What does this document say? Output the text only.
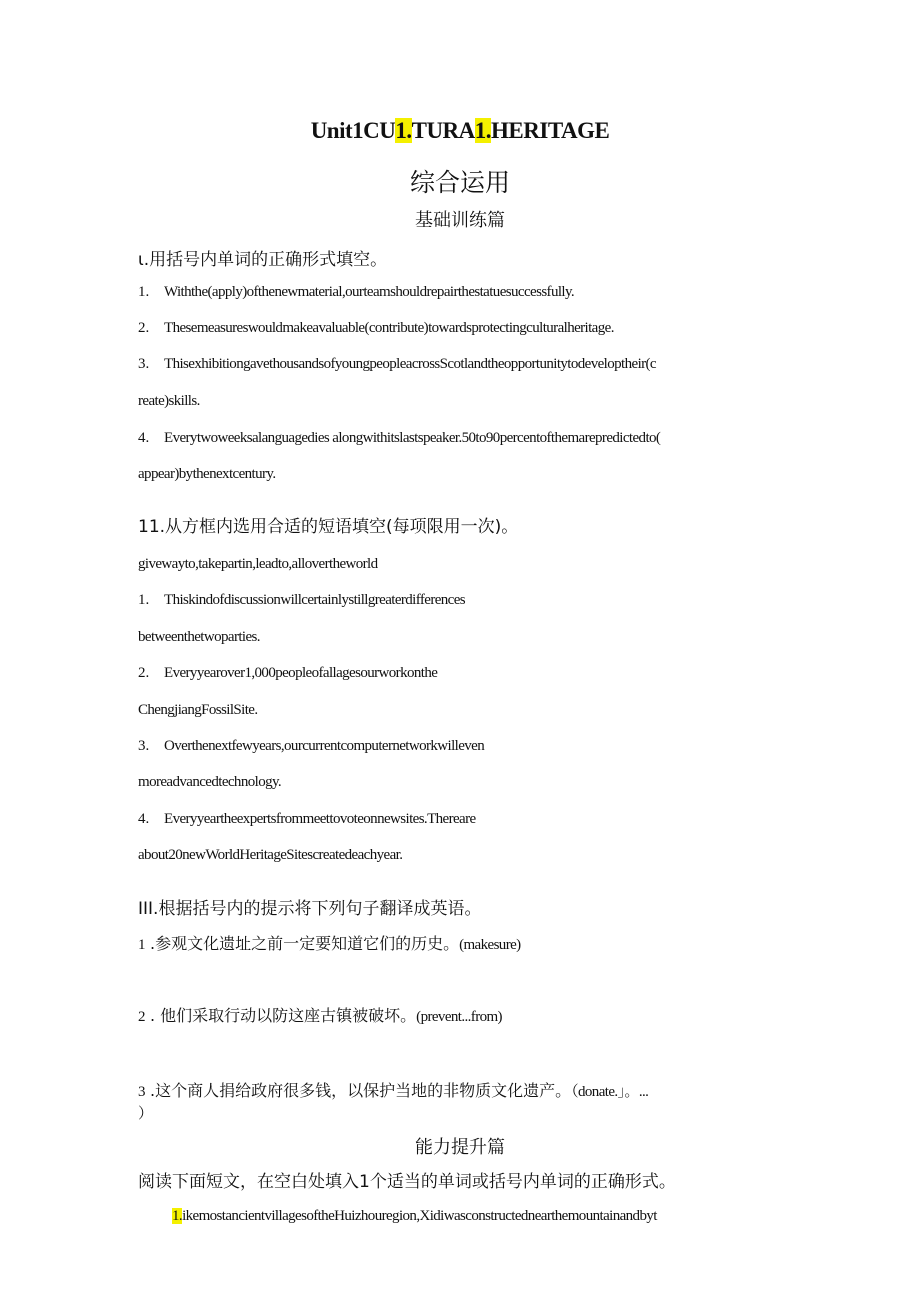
Unit1CU1.TURA1.HERITAGE
综合运用
基础训练篇
ι.用括号内单词的正确形式填空。
1. Withthe(apply)ofthenewmaterial,ourteamshouldrepairthestatuesuccessfully.
2. Thesemeasureswouldmakeavaluable(contribute)towardsprotectingculturalheritage.
3. ThisexhibitiongavethousandsofyoungpeopleacrossScotlandtheopportunitytodeveloptheir(c
reate)skills.
4. Everytwoweeksalanguagedies alongwithitslastspeaker.50to90percentofthemarepredictedto(
appear)bythenextcentury.
11.从方框内选用合适的短语填空(每项限用一次)。
givewayto,takepartin,leadto,allovertheworld
1. Thiskindofdiscussionwillcertainlystillgreaterdifferences
betweenthetwoparties.
2. Everyyearover1,000peopleofallagesourworkonthe
ChengjiangFossilSite.
3. Overthenextfewyears,ourcurrentcomputernetworkwilleven
moreadvancedtechnology.
4. Everyyeartheexpertsfrommeettovoteonnewsites.Thereare
about20newWorldHeritageSitescreatedeachyear.
III.根据括号内的提示将下列句子翻译成英语。
1 .参观文化遗址之前一定要知道它们的历史。(makesure)
2 . 他们采取行动以防这座古镇被破坏。(prevent...from)
3 .这个商人捐给政府很多钱，以保护当地的非物质文化遗产。（donate.」。...
）
能力提升篇
阅读下面短文，在空白处填入1个适当的单词或括号内单词的正确形式。
1.ikemostancientvillagesoftheHuizhouregion,Xidiwasconstructednearthemountainandbyt
